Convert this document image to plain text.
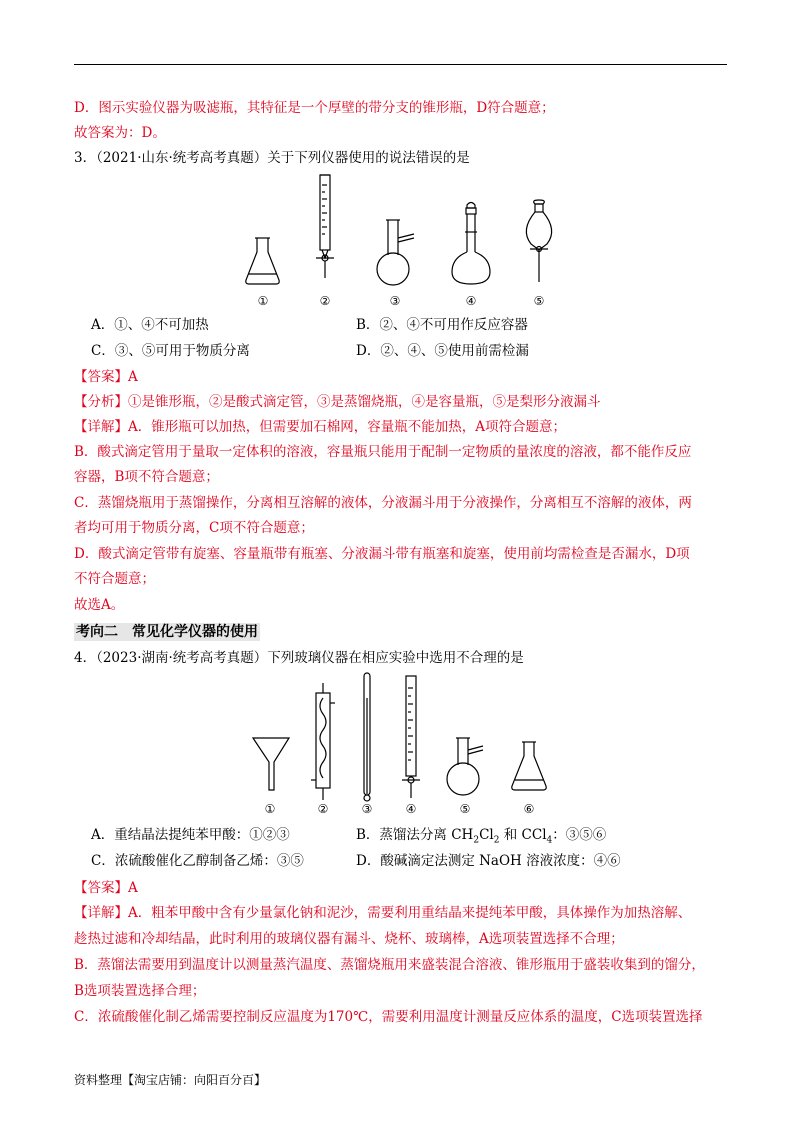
D．图示实验仪器为吸滤瓶，其特征是一个厚壁的带分支的锥形瓶，D符合题意；
故答案为：D。
3．（2021·山东·统考高考真题）关于下列仪器使用的说法错误的是
①	②	③	④	⑤
A．①、④不可加热	B．②、④不可用作反应容器
C．③、⑤可用于物质分离	D．②、④、⑤使用前需检漏
【答案】A
【分析】①是锥形瓶，②是酸式滴定管，③是蒸馏烧瓶，④是容量瓶，⑤是梨形分液漏斗
【详解】A．锥形瓶可以加热，但需要加石棉网，容量瓶不能加热，A项符合题意；
B．酸式滴定管用于量取一定体积的溶液，容量瓶只能用于配制一定物质的量浓度的溶液，都不能作反应
容器，B项不符合题意；
C．蒸馏烧瓶用于蒸馏操作，分离相互溶解的液体，分液漏斗用于分液操作，分离相互不溶解的液体，两
者均可用于物质分离，C项不符合题意；
D．酸式滴定管带有旋塞、容量瓶带有瓶塞、分液漏斗带有瓶塞和旋塞，使用前均需检查是否漏水，D项
不符合题意；
故选A。
考向二　常见化学仪器的使用
4．（2023·湖南·统考高考真题）下列玻璃仪器在相应实验中选用不合理的是
①	②	③	④	⑤	⑥
A．重结晶法提纯苯甲酸：①②③	B．蒸馏法分离 $CH_2Cl_2$ 和 CCl$_4$：③⑤⑥
C．浓硫酸催化乙醇制备乙烯：③⑤	D．酸碱滴定法测定 NaOH 溶液浓度：④⑥
【答案】A
【详解】A．粗苯甲酸中含有少量氯化钠和泥沙，需要利用重结晶来提纯苯甲酸，具体操作为加热溶解、
趁热过滤和冷却结晶，此时利用的玻璃仪器有漏斗、烧杯、玻璃棒，A选项装置选择不合理；
B．蒸馏法需要用到温度计以测量蒸汽温度、蒸馏烧瓶用来盛装混合溶液、锥形瓶用于盛装收集到的馏分，
B选项装置选择合理；
C．浓硫酸催化制乙烯需要控制反应温度为170℃，需要利用温度计测量反应体系的温度，C选项装置选择
资料整理【淘宝店铺：向阳百分百】
